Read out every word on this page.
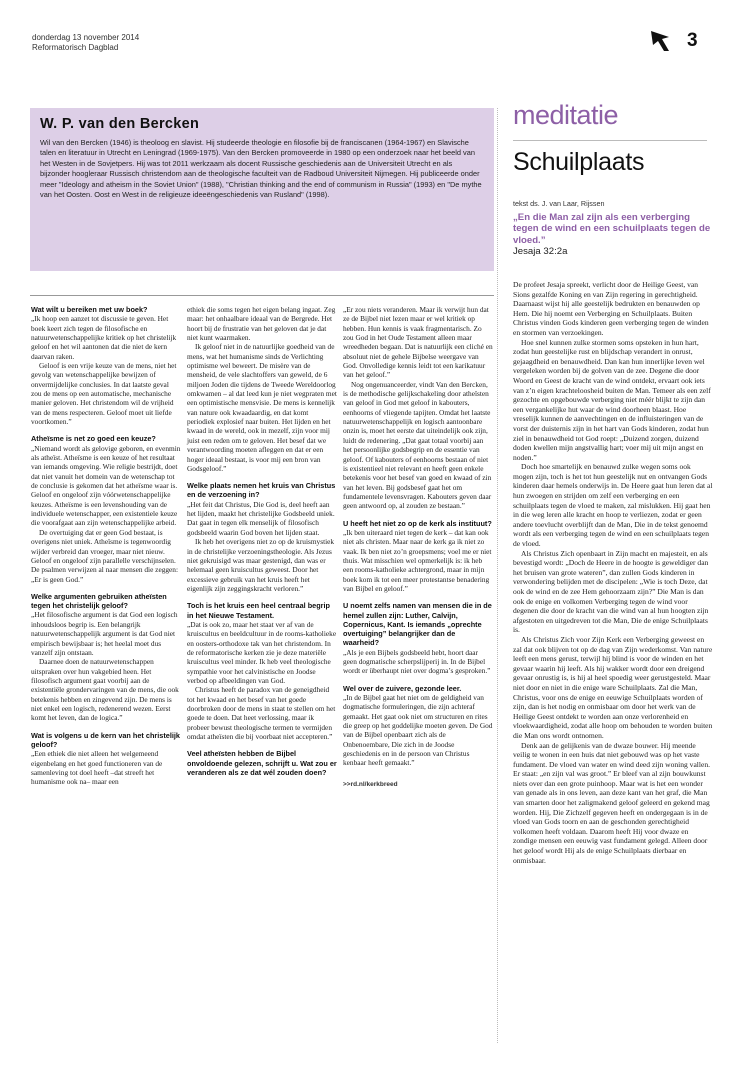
donderdag 13 november 2014
Reformatorisch Dagblad	3
W. P. van den Bercken
Wil van den Bercken (1946) is theoloog en slavist. Hij studeerde theologie en filosofie bij de franciscanen (1964-1967) en Slavische talen en literatuur in Utrecht en Leningrad (1969-1975). Van den Bercken promoveerde in 1980 op een onderzoek naar het beeld van het Westen in de Sovjetpers. Hij was tot 2011 werkzaam als docent Russische geschiedenis aan de Universiteit Utrecht en als bijzonder hoogleraar Russisch christendom aan de theologische faculteit van de Radboud Universiteit Nijmegen. Hij publiceerde onder meer "Ideology and atheism in the Soviet Union" (1988), "Christian thinking and the end of communism in Russia" (1993) en "De mythe van het Oosten. Oost en West in de religieuze ideeëngeschiedenis van Rusland" (1998).
Wat wilt u bereiken met uw boek?

„Ik hoop een aanzet tot discussie te geven. Het boek keert zich tegen de filosofische en natuurwetenschappelijke kritiek op het christelijk geloof en het wil aantonen dat die niet de kern daarvan raken.

Geloof is een vrije keuze van de mens, niet het gevolg van wetenschappelijke bewijzen of onvermijdelijke conclusies. In dat laatste geval zou de mens op een automatische, mechanische manier geloven. Het christendom wil de vrijheid van de mens respecteren. Geloof moet uit liefde voortkomen.”

Atheïsme is net zo goed een keuze?

„Niemand wordt als gelovige geboren, en evenmin als atheïst. Atheïsme is een keuze of het resultaat van iemands omgeving. Wie religie bestrijdt, doet dat niet vanuit het domein van de wetenschap tot de conclusie is gekomen dat het atheïsme waar is. Geloof en ongeloof zijn vóórwetenschappelijke keuzes. Atheïsme is een levenshouding van de individuele wetenschapper, een existentiele keuze die voorafgaat aan zijn wetenschappelijke arbeid.

De overtuiging dat er geen God bestaat, is overigens niet uniek. Atheïsme is tegenwoordig wijder verbreid dan vroeger, maar niet nieuw. Geloof en ongeloof zijn parallelle verschijnselen. De psalmen verwijzen al naar mensen die zeggen: „Er is geen God.”

Welke argumenten gebruiken atheïsten tegen het christelijk geloof?

„Het filosofische argument is dat God een logisch inhoudsloos begrip is. Een belangrijk natuurwetenschappelijk argument is dat God niet empirisch bewijsbaar is; het heelal moet dus vanzelf zijn ontstaan.

Daarnee doen de natuurwetenschappen uitspraken over hun vakgebied heen. Het filosofisch argument gaat voorbij aan de existentiële grondervaringen van de mens, die ook betekenis hebben en zingevend zijn. De mens is niet enkel een logisch, redenerend wezen. Eerst komt het leven, dan de logica.”

Wat is volgens u de kern van het christelijk geloof?

„Een ethiek die niet alleen het welgemeend eigenbelang en het goed functioneren van de samenleving tot doel heeft –dat streeft het humanisme ook na– maar een

ethiek die soms tegen het eigen belang ingaat. Zeg maar: het onhaalbare ideaal van de Bergrede. Het hoort bij de frustratie van het geloven dat je dat niet kunt waarmaken.

Ik geloof niet in de natuurlijke goedheid van de mens, wat het humanisme sinds de Verlichting optimisme wel beweert. De misère van de mensheid, de vele slachtoffers van geweld, de 6 miljoen Joden die tijdens de Tweede Wereldoorlog omkwamen – al dat leed kun je niet wegpraten met een optimistische mensvisie. De mens is kennelijk van nature ook kwaadaardig, en dat komt periodiek explosief naar buiten. Het lijden en het kwaad in de wereld, ook in mezelf, zijn voor mij juist een reden om te geloven. Het besef dat we verantwoording moeten afleggen en dat er een hoger ideaal bestaat, is voor mij een bron van Godsgeloof.”

Welke plaats nemen het kruis van Christus en de verzoening in?

„Het feit dat Christus, Die God is, deel heeft aan het lijden, maakt het christelijke Godsbeeld uniek. Dat gaat in tegen elk menselijk of filosofisch godsbeeld waarin God boven het lijden staat.

Ik heb het overigens niet zo op de kruismystiek in de christelijke verzoeningstheologie. Als Jezus niet gekruisigd was maar gestenigd, dan was er helemaal geen kruiscultus geweest. Door het excessieve gebruik van het kruis heeft het eigenlijk zijn zeggingskracht verloren.”

Toch is het kruis een heel centraal begrip in het Nieuwe Testament.

„Dat is ook zo, maar het staat ver af van de kruiscultus en beeldcultuur in de rooms-katholieke en oosters-orthodoxe tak van het christendom. In de reformatorische kerken zie je deze materiële kruiscultus veel minder. Ik heb veel theologische sympathie voor het calvinistische en Joodse verbod op afbeeldingen van God.

Christus heeft de paradox van de geneigdheid tot het kwaad en het besef van het goede doorbroken door de mens in staat te stellen om het goede te doen. Dat heet verlossing, maar ik probeer bewust theologische termen te vermijden omdat atheïsten die bij voorbaat niet accepteren.”

Veel atheïsten hebben de Bijbel onvoldoende gelezen, schrijft u. Wat zou er veranderen als ze dat wél zouden doen?

„Er zou niets veranderen. Maar ik verwijt hun dat ze de Bijbel niet lezen maar er wel kritiek op hebben. Hun kennis is vaak fragmentarisch. Zo zou God in het Oude Testament alleen maar wreedheden begaan. Dat is natuurlijk een cliché en absoluut niet de gehele Bijbelse weergave van God. Onvolledige kennis leidt tot een karikatuur van het geloof.”

Nog ongenuanceerder, vindt Van den Bercken, is de methodische gelijkschakeling door atheïsten van geloof in God met geloof in kabouters, eenhoorns of vliegende tapijten. Omdat het laatste natuurwetenschappelijk en logisch aantoonbare onzin is, moet het eerste dat uiteindelijk ook zijn, luidt de redenering. „Dat gaat totaal voorbij aan het persoonlijke godsbegrip en de essentie van geloof. Of kabouters of eenhoorns bestaan of niet is existentieel niet relevant en heeft geen enkele betekenis voor het besef van goed en kwaad of zin van het leven. Bij godsbesef gaat het om fundamentele levensvragen. Kabouters geven daar geen antwoord op, al zouden ze bestaan.”

U heeft het niet zo op de kerk als instituut?

„Ik ben uiteraard niet tegen de kerk – dat kan ook niet als christen. Maar naar de kerk ga ik niet zo vaak. Ik ben niet zo’n groepsmens; voel me er niet thuis. Wat misschien wel opmerkelijk is: ik heb een rooms-katholieke achtergrond, maar in mijn boek kom ik tot een meer protestantse benadering van Bijbel en geloof.”

U noemt zelfs namen van mensen die in de hemel zullen zijn: Luther, Calvijn, Copernicus, Kant. Is iemands „oprechte overtuiging” belangrijker dan de waarheid?

„Als je een Bijbels godsbeeld hebt, hoort daar geen dogmatische scherpslijperij in. In de Bijbel wordt er überhaupt niet over dogma’s gesproken.”

Wel over de zuivere, gezonde leer.

„In de Bijbel gaat het niet om de geldigheid van dogmatische formuleringen, die zijn achteraf gemaakt. Het gaat ook niet om structuren en rites die greep op het goddelijke moeten geven. De God van de Bijbel openbaart zich als de Onbenoembare, Die zich in de Joodse geschiedenis en in de persoon van Christus kenbaar heeft gemaakt.”

>>rd.nl/kerkbreed
meditatie
Schuilplaats
tekst ds. J. van Laar, Rijssen
„En die Man zal zijn als een verberging tegen de wind en een schuilplaats tegen de vloed.”
Jesaja 32:2a

De profeet Jesaja spreekt, verlicht door de Heilige Geest, van Sions gezalfde Koning en van Zijn regering in gerechtigheid. Daarnaast wijst hij alle geestelijk bedrukten en benauwden op Hem. Die hij noemt een Verberging en Schuilplaats. Buiten Christus vinden Gods kinderen geen verberging tegen de winden en stormen van verzoekingen.

Hoe snel kunnen zulke stormen soms opsteken in hun hart, zodat hun geestelijke rust en blijdschap verandert in onrust, gejaagdheid en benauwdheid. Dan kan hun innerlijke leven wel vergeleken worden bij de golven van de zee. Degene die door Woord en Geest de kracht van de wind ontdekt, ervaart ook iets van z’n eigen krachteloosheid buiten de Man. Temeer als een zelf gezochte en opgebouwde verberging niet méér blijkt te zijn dan een vergankelijke hut waar de wind doorheen blaast. Hoe vreselijk kunnen de aanvechtingen en de influisteringen van de vorst der duisternis zijn in het hart van Gods kinderen, zodat hun ziel in benauwdheid tot God roept: „Duizend zorgen, duizend doden kwellen mijn angstvallig hart; voer mij uit mijn angst en noden.”

Doch hoe smartelijk en benauwd zulke wegen soms ook mogen zijn, toch is het tot hun geestelijk nut en ontvangen Gods kinderen daar hemels onderwijs in. De Heere gaat hun leren dat al hun zwoegen en strijden om zelf een verberging en een schuilplaats tegen de vloed te maken, zal mislukken. Hij gaat hen in die weg leren alle kracht en hoop te verliezen, zodat er geen andere toevlucht overblijft dan de Man, Die in de tekst genoemd wordt als een verberging tegen de wind en een schuilplaats tegen de vloed.

Als Christus Zich openbaart in Zijn macht en majesteit, en als bevestigd wordt: „Doch de Heere in de hoogte is geweldiger dan het bruisen van grote wateren”, dan zullen Gods kinderen in verwondering belijden met de discipelen: „Wie is toch Deze, dat ook de wind en de zee Hem gehoorzaam zijn?” Die Man is dan ook de enige en volkomen Verberging tegen de wind voor degenen die door de kracht van die wind van al hun hoogten zijn afgestoten en uitgedreven tot die Man, Die de enige Schuilplaats is.

Als Christus Zich voor Zijn Kerk een Verberging geweest en zal dat ook blijven tot op de dag van Zijn wederkomst. Van nature leeft een mens gerust, terwijl hij blind is voor de winden en het gevaar waarin hij leeft. Als hij wakker wordt door een dreigend gevaar onrustig is, is hij al heel spoedig weer gerustgesteld. Maar niet door en niet in die enige ware Schuilplaats. Zal die Man, Christus, voor ons de enige en eeuwige Schuilplaats worden of zijn, dan is het nodig en onmisbaar om door het werk van de Heilige Geest ontdekt te worden aan onze verlorenheid en vloekwaardigheid, zodat alle hoop om behouden te worden buiten die Man ons wordt ontnomen.

Denk aan de gelijkenis van de dwaze bouwer. Hij meende veilig te wonen in een huis dat niet gebouwd was op het vaste fundament. De vloed van water en wind deed zijn woning vallen. Er staat: „en zijn val was groot.” Er bleef van al zijn bouwkunst niets over dan een grote puinhoop. Maar wat is het een wonder van genade als in ons leven, aan deze kant van het graf, die Man van smarten door het zaligmakend geloof geleerd en gekend mag worden. Hij, Die Zichzelf gegeven heeft en ondergegaan is in de vloed van Gods toorn en aan de geschonden gerechtigheid volkomen heeft voldaan. Daarom heeft Hij voor dwaze en zondige mensen een eeuwig vast fundament gelegd. Alleen door het geloof wordt Hij als de enige Schuilplaats dierbaar en onmisbaar.
